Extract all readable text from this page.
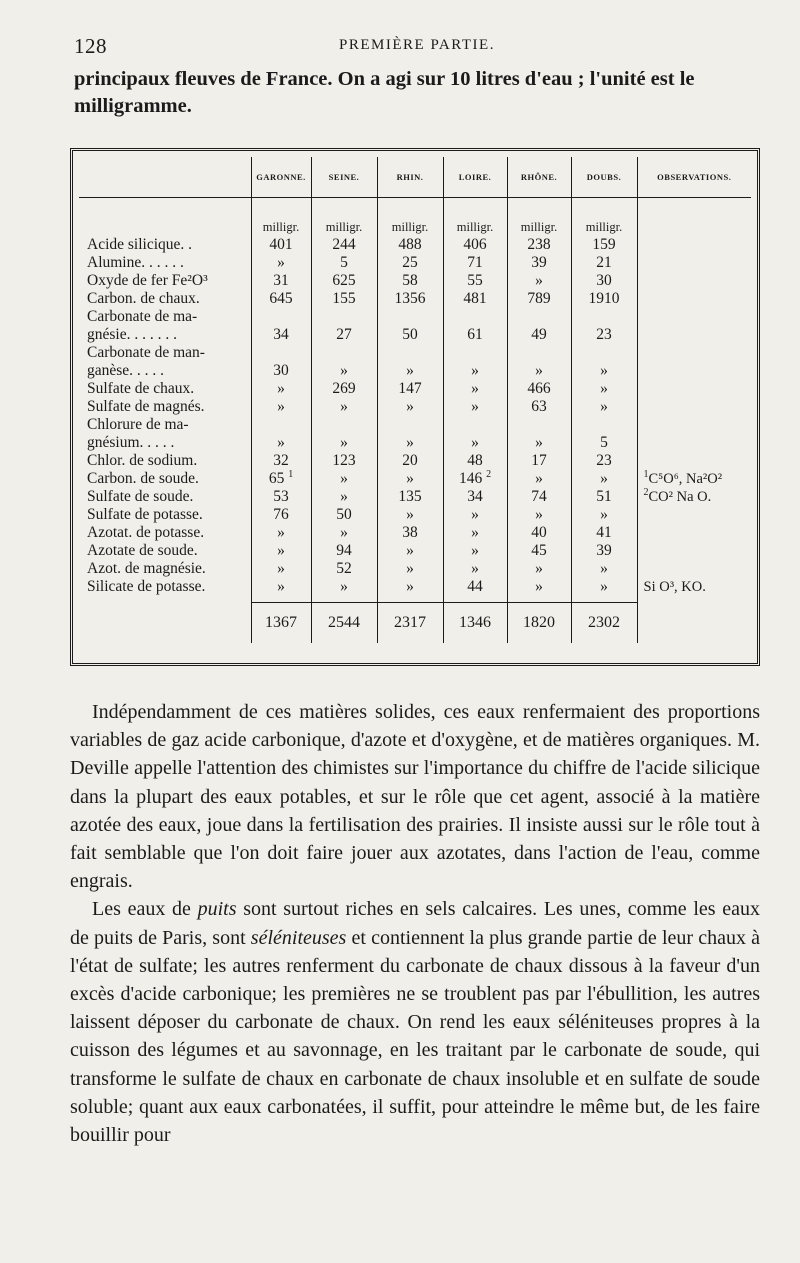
128	PREMIÈRE PARTIE.
principaux fleuves de France. On a agi sur 10 litres d'eau ; l'unité est le milligramme.
	GARONNE.	SEINE.	RHIN.	LOIRE.	RHÔNE.	DOUBS.	OBSERVATIONS.
	milligr.	milligr.	milligr.	milligr.	milligr.	milligr.	
Acide silicique. .	401	244	488	406	238	159	
Alumine. . . . . .	»	5	25	71	39	21	
Oxyde de fer Fe²O³	31	625	58	55	»	30	
Carbon. de chaux.	645	155	1356	481	789	1910	
Carbonate de ma-							
gnésie. . . . . . .	34	27	50	61	49	23	
Carbonate de man-							
ganèse. . . . .	30	»	»	»	»	»	
Sulfate de chaux.	»	269	147	»	466	»	
Sulfate de magnés.	»	»	»	»	63	»	
Chlorure de ma-							
gnésium. . . . .	»	»	»	»	»	5	
Chlor. de sodium.	32	123	20	48	17	23	
Carbon. de soude.	65 $^1$	»	»	146 $^2$	»	»	$^1$C⁵O⁶, Na²O²
Sulfate de soude.	53	»	135	34	74	51	$^2$CO² Na O.
Sulfate de potasse.	76	50	»	»	»	»	
Azotat. de potasse.	»	»	38	»	40	41	
Azotate de soude.	»	94	»	»	45	39	
Azot. de magnésie.	»	52	»	»	»	»	
Silicate de potasse.	»	»	»	44	»	»	Si O³, KO.

	1367	2544	2317	1346	1820	2302	

Indépendamment de ces matières solides, ces eaux renfermaient des proportions variables de gaz acide carbonique, d'azote et d'oxygène, et de matières organiques. M. Deville appelle l'attention des chimistes sur l'importance du chiffre de l'acide silicique dans la plupart des eaux potables, et sur le rôle que cet agent, associé à la matière azotée des eaux, joue dans la fertilisation des prairies. Il insiste aussi sur le rôle tout à fait semblable que l'on doit faire jouer aux azotates, dans l'action de l'eau, comme engrais.

Les eaux de puits sont surtout riches en sels calcaires. Les unes, comme les eaux de puits de Paris, sont séléniteuses et contiennent la plus grande partie de leur chaux à l'état de sulfate; les autres renferment du carbonate de chaux dissous à la faveur d'un excès d'acide carbonique; les premières ne se troublent pas par l'ébullition, les autres laissent déposer du carbonate de chaux. On rend les eaux séléniteuses propres à la cuisson des légumes et au savonnage, en les traitant par le carbonate de soude, qui transforme le sulfate de chaux en carbonate de chaux insoluble et en sulfate de soude soluble; quant aux eaux carbonatées, il suffit, pour atteindre le même but, de les faire bouillir pour
